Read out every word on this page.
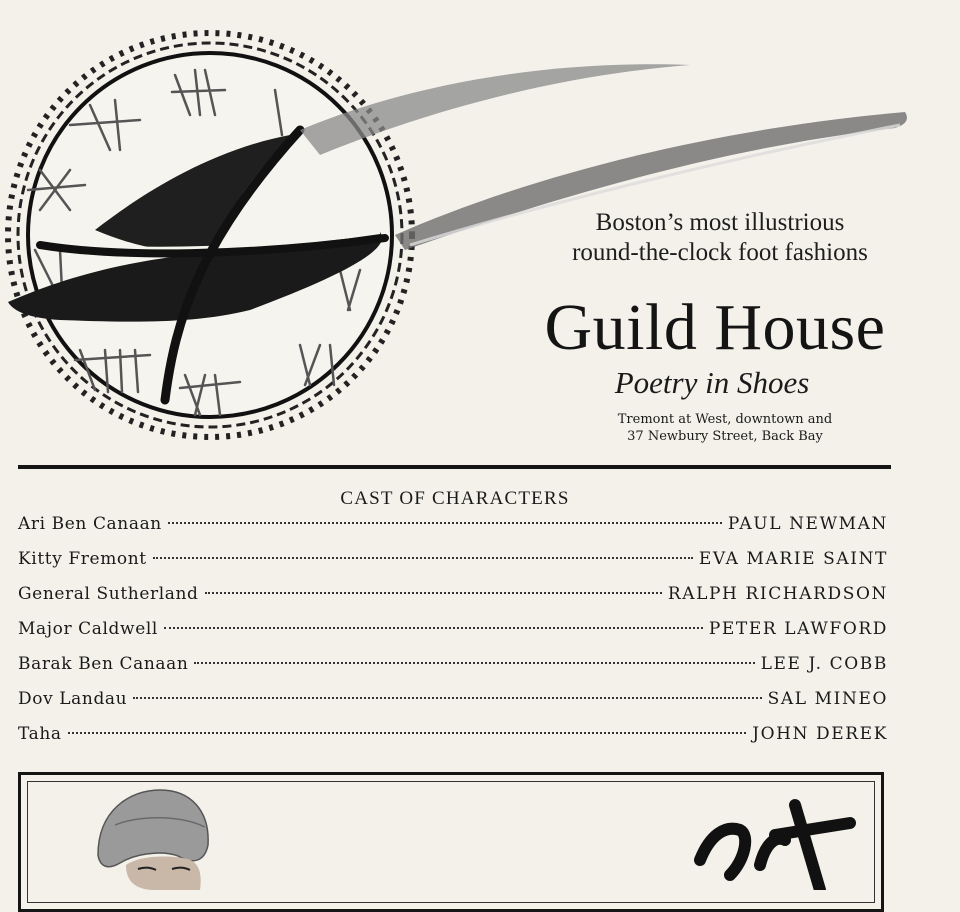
Boston’s most illustrious
round-the-clock foot fashions
Guild House
Poetry in Shoes
Tremont at West, downtown and
37 Newbury Street, Back Bay
CAST OF CHARACTERS
Ari Ben Canaan	PAUL NEWMAN
Kitty Fremont	EVA MARIE SAINT
General Sutherland	RALPH RICHARDSON
Major Caldwell	PETER LAWFORD
Barak Ben Canaan	LEE J. COBB
Dov Landau	SAL MINEO
Taha	JOHN DEREK
